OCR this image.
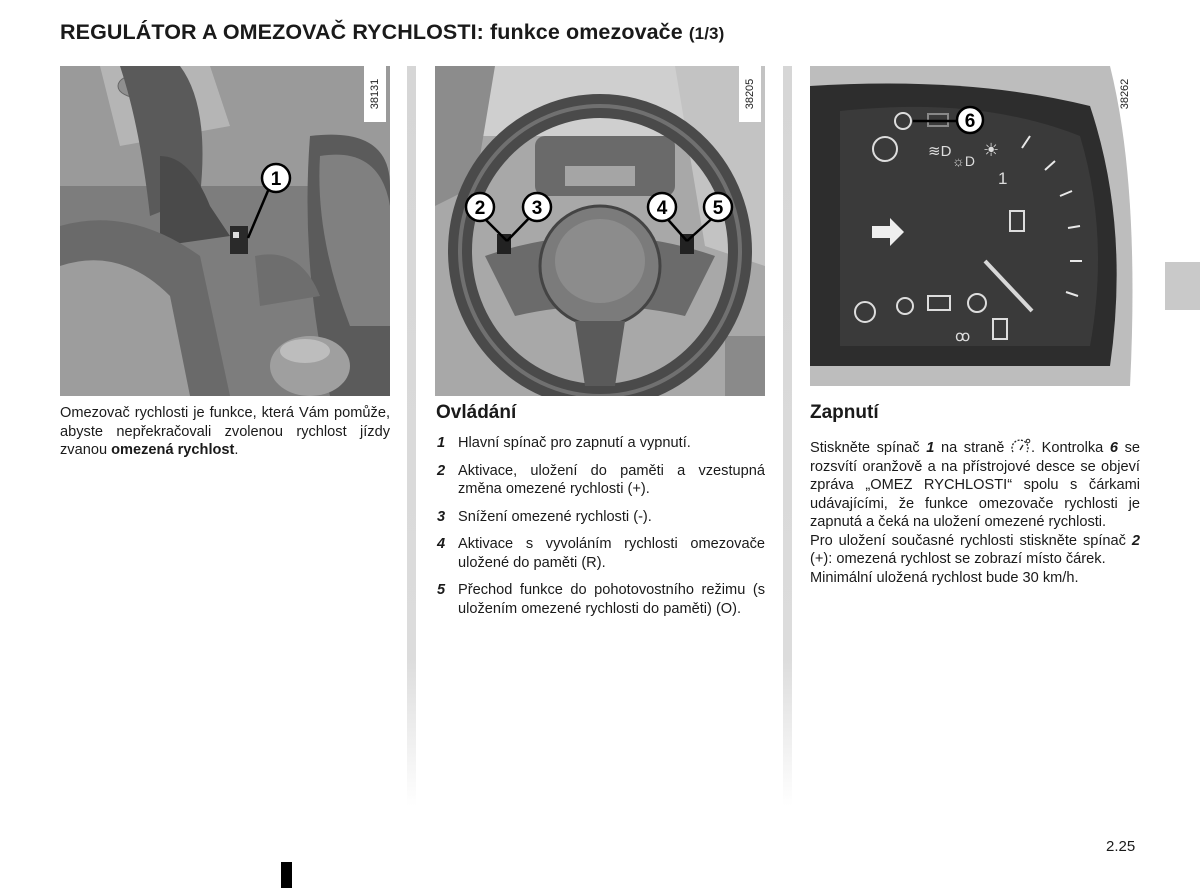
REGULÁTOR A OMEZOVAČ RYCHLOSTI: funkce omezovače (1/3)
1
38131
2 3	4 5
38205
≋D
☼D
☀
1
ꝏ
6
38262
Omezovač rychlosti je funkce, která Vám pomůže, abyste nepřekračovali zvolenou rychlost jízdy zvanou omezená rychlost.
Ovládání
1 Hlavní spínač pro zapnutí a vypnutí.
2 Aktivace, uložení do paměti a vzestupná změna omezené rychlosti (+).
3 Snížení omezené rychlosti (-).
4 Aktivace s vyvoláním rychlosti omezovače uložené do paměti (R).
5 Přechod funkce do pohotovostního režimu (s uložením omezené rychlosti do paměti) (O).
Zapnutí
Stiskněte spínač 1 na straně . Kontrolka 6 se rozsvítí oranžově a na přístrojové desce se objeví zpráva „OMEZ RYCHLOSTI“ spolu s čárkami udávajícími, že funkce omezovače rychlosti je zapnutá a čeká na uložení omezené rychlosti.
Pro uložení současné rychlosti stiskněte spínač 2 (+): omezená rychlost se zobrazí místo čárek.
Minimální uložená rychlost bude 30 km/h.
2.25
